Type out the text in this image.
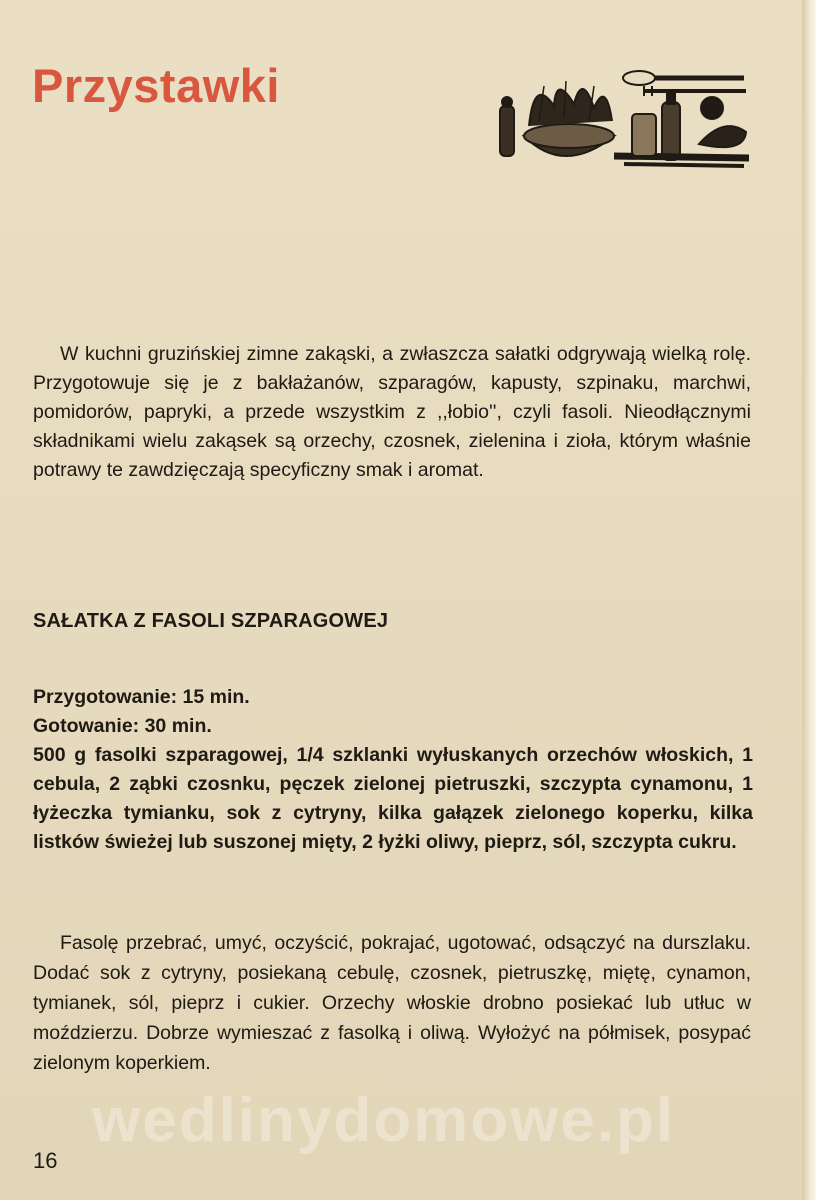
Przystawki

W kuchni gruzińskiej zimne zakąski, a zwłaszcza sałatki odgrywają wielką rolę. Przygotowuje się je z bakłażanów, szparagów, kapusty, szpinaku, marchwi, pomidorów, papryki, a przede wszystkim z ,,łobio'', czyli fasoli. Nieodłącznymi składnikami wielu zakąsek są orzechy, czosnek, zielenina i zioła, którym właśnie potrawy te zawdzięczają specyficzny smak i aromat.

SAŁATKA Z FASOLI SZPARAGOWEJ
Przygotowanie: 15 min.
Gotowanie: 30 min.
500 g fasolki szparagowej, 1/4 szklanki wyłuskanych orzechów włoskich, 1 cebula, 2 ząbki czosnku, pęczek zielonej pietruszki, szczypta cynamonu, 1 łyżeczka tymianku, sok z cytryny, kilka gałązek zielonego koperku, kilka listków świeżej lub suszonej mięty, 2 łyżki oliwy, pieprz, sól, szczypta cukru.

Fasolę przebrać, umyć, oczyścić, pokrajać, ugotować, odsączyć na durszlaku. Dodać sok z cytryny, posiekaną cebulę, czosnek, pietruszkę, miętę, cynamon, tymianek, sól, pieprz i cukier. Orzechy włoskie drobno posiekać lub utłuc w moździerzu. Dobrze wymieszać z fasolką i oliwą. Wyłożyć na półmisek, posypać zielonym koperkiem.

wedlinydomowe.pl
16
